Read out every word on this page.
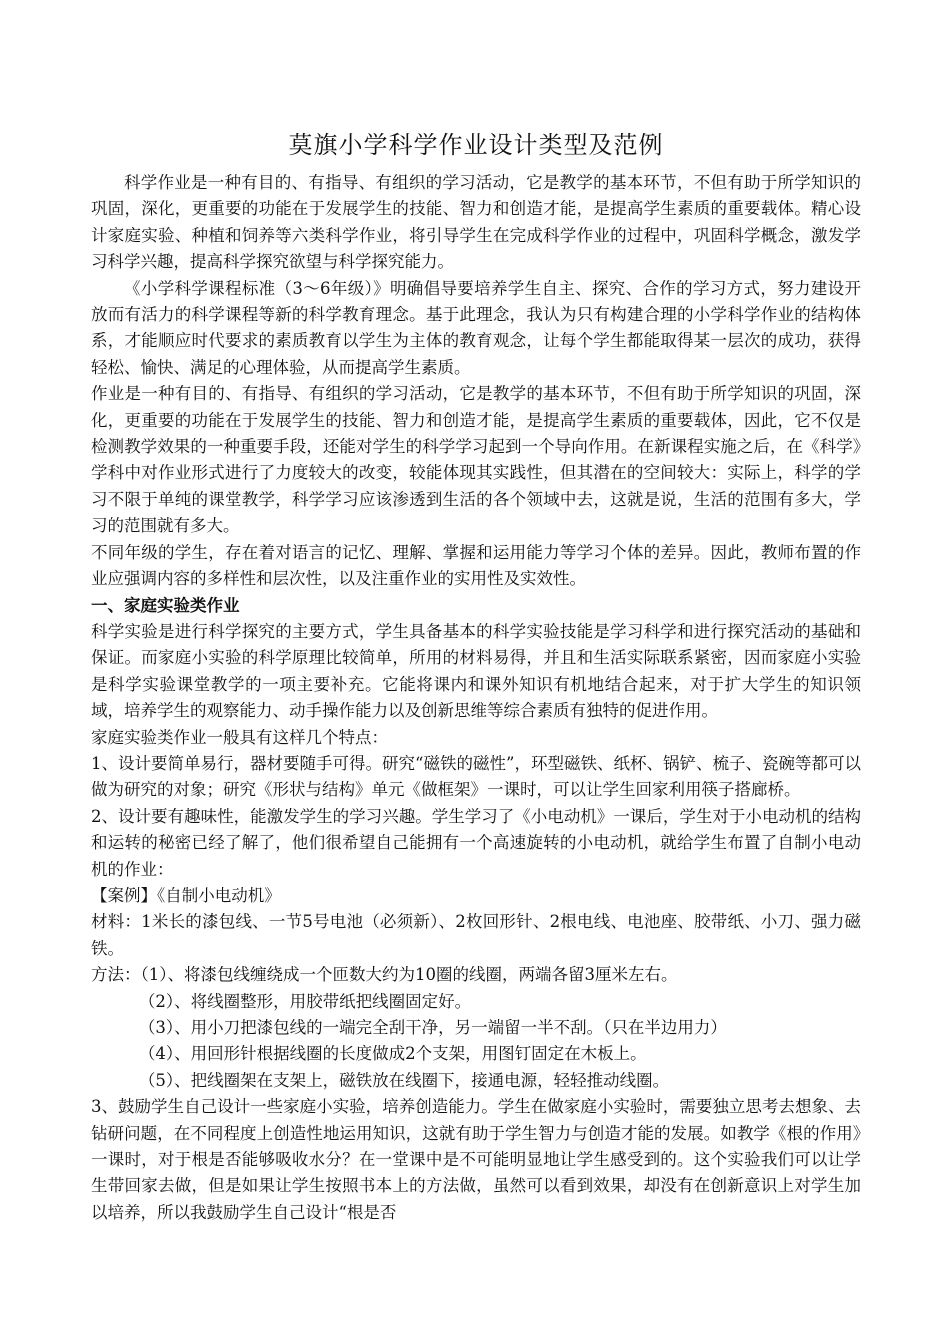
莫旗小学科学作业设计类型及范例

科学作业是一种有目的、有指导、有组织的学习活动，它是教学的基本环节，不但有助于所学知识的巩固，深化，更重要的功能在于发展学生的技能、智力和创造才能，是提高学生素质的重要载体。精心设计家庭实验、种植和饲养等六类科学作业，将引导学生在完成科学作业的过程中，巩固科学概念，激发学习科学兴趣，提高科学探究欲望与科学探究能力。

《小学科学课程标准（3～6年级）》明确倡导要培养学生自主、探究、合作的学习方式，努力建设开放而有活力的科学课程等新的科学教育理念。基于此理念，我认为只有构建合理的小学科学作业的结构体系，才能顺应时代要求的素质教育以学生为主体的教育观念，让每个学生都能取得某一层次的成功，获得轻松、愉快、满足的心理体验，从而提高学生素质。

作业是一种有目的、有指导、有组织的学习活动，它是教学的基本环节，不但有助于所学知识的巩固，深化，更重要的功能在于发展学生的技能、智力和创造才能，是提高学生素质的重要载体，因此，它不仅是检测教学效果的一种重要手段，还能对学生的科学学习起到一个导向作用。在新课程实施之后，在《科学》学科中对作业形式进行了力度较大的改变，较能体现其实践性，但其潜在的空间较大：实际上，科学的学习不限于单纯的课堂教学，科学学习应该渗透到生活的各个领域中去，这就是说，生活的范围有多大，学习的范围就有多大。

不同年级的学生，存在着对语言的记忆、理解、掌握和运用能力等学习个体的差异。因此，教师布置的作业应强调内容的多样性和层次性，以及注重作业的实用性及实效性。

一、家庭实验类作业

科学实验是进行科学探究的主要方式，学生具备基本的科学实验技能是学习科学和进行探究活动的基础和保证。而家庭小实验的科学原理比较简单，所用的材料易得，并且和生活实际联系紧密，因而家庭小实验是科学实验课堂教学的一项主要补充。它能将课内和课外知识有机地结合起来，对于扩大学生的知识领域，培养学生的观察能力、动手操作能力以及创新思维等综合素质有独特的促进作用。

家庭实验类作业一般具有这样几个特点：

1、设计要简单易行，器材要随手可得。研究“磁铁的磁性”，环型磁铁、纸杯、锅铲、梳子、瓷碗等都可以做为研究的对象；研究《形状与结构》单元《做框架》一课时，可以让学生回家利用筷子搭廊桥。

2、设计要有趣味性，能激发学生的学习兴趣。学生学习了《小电动机》一课后，学生对于小电动机的结构和运转的秘密已经了解了，他们很希望自己能拥有一个高速旋转的小电动机，就给学生布置了自制小电动机的作业：

【案例】《自制小电动机》

材料：1米长的漆包线、一节5号电池（必须新）、2枚回形针、2根电线、电池座、胶带纸、小刀、强力磁铁。

方法：（1）、将漆包线缠绕成一个匝数大约为10圈的线圈，两端各留3厘米左右。

（2）、将线圈整形，用胶带纸把线圈固定好。

（3）、用小刀把漆包线的一端完全刮干净，另一端留一半不刮。（只在半边用力）

（4）、用回形针根据线圈的长度做成2个支架，用图钉固定在木板上。

（5）、把线圈架在支架上，磁铁放在线圈下，接通电源，轻轻推动线圈。

3、鼓励学生自己设计一些家庭小实验，培养创造能力。学生在做家庭小实验时，需要独立思考去想象、去钻研问题，在不同程度上创造性地运用知识，这就有助于学生智力与创造才能的发展。如教学《根的作用》一课时，对于根是否能够吸收水分？在一堂课中是不可能明显地让学生感受到的。这个实验我们可以让学生带回家去做，但是如果让学生按照书本上的方法做，虽然可以看到效果，却没有在创新意识上对学生加以培养，所以我鼓励学生自己设计“根是否
